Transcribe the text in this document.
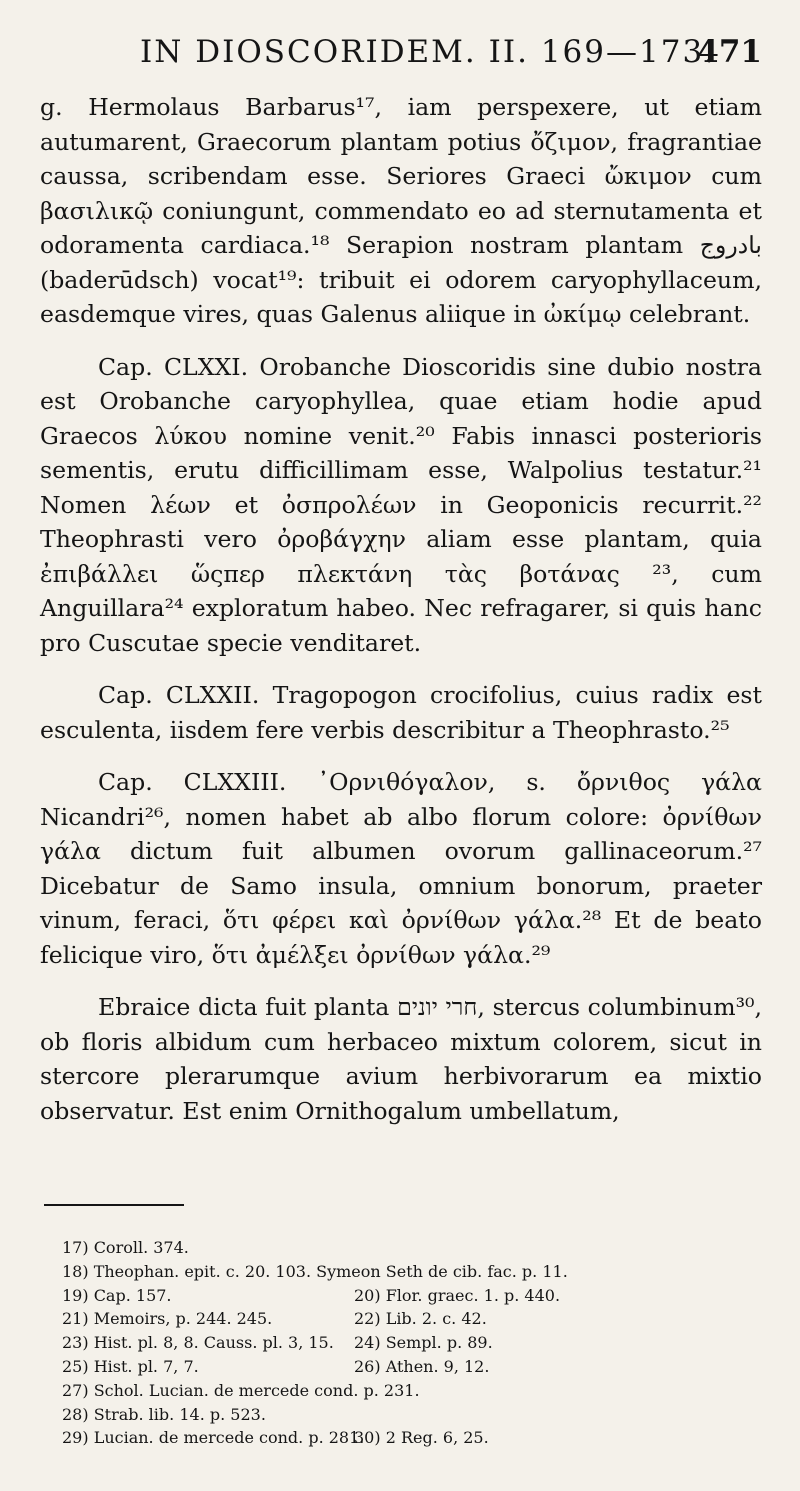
IN DIOSCORIDEM. II. 169—173.
471

g. Hermolaus Barbarus¹⁷, iam perspexere, ut etiam autumarent, Graecorum plantam potius ὄζιμον, fragrantiae caussa, scribendam esse. Seriores Graeci ὤκιμον cum βασιλικῷ coniungunt, commendato eo ad sternutamenta et odoramenta cardiaca.¹⁸ Serapion nostram plantam بادروج (baderūdsch) vocat¹⁹: tribuit ei odorem caryophyllaceum, easdemque vires, quas Galenus aliique in ὠκίμῳ celebrant.

Cap. CLXXI. Orobanche Dioscoridis sine dubio nostra est Orobanche caryophyllea, quae etiam hodie apud Graecos λύκου nomine venit.²⁰ Fabis innasci posterioris sementis, erutu difficillimam esse, Walpolius testatur.²¹ Nomen λέων et ὀσπρολέων in Geoponicis recurrit.²² Theophrasti vero ὀροβάγχην aliam esse plantam, quia ἐπιβάλλει ὥςπερ πλεκτάνη τὰς βοτάνας ²³, cum Anguillara²⁴ exploratum habeo. Nec refragarer, si quis hanc pro Cuscutae specie venditaret.

Cap. CLXXII. Tragopogon crocifolius, cuius radix est esculenta, iisdem fere verbis describitur a Theophrasto.²⁵

Cap. CLXXIII. ᾿Ορνιθόγαλον, s. ὄρνιθος γάλα Nicandri²⁶, nomen habet ab albo florum colore: ὀρνίθων γάλα dictum fuit albumen ovorum gallinaceorum.²⁷ Dicebatur de Samo insula, omnium bonorum, praeter vinum, feraci, ὅτι φέρει καὶ ὀρνίθων γάλα.²⁸ Et de beato felicique viro, ὅτι ἀμέλξει ὀρνίθων γάλα.²⁹

Ebraice dicta fuit planta חרי יונים, stercus columbinum³⁰, ob floris albidum cum herbaceo mixtum colorem, sicut in stercore plerarumque avium herbivorarum ea mixtio observatur. Est enim Ornithogalum umbellatum,

17) Coroll. 374.
18) Theophan. epit. c. 20. 103. Symeon Seth de cib. fac. p. 11.
19) Cap. 157.	20) Flor. graec. 1. p. 440.
21) Memoirs, p. 244. 245.	22) Lib. 2. c. 42.
23) Hist. pl. 8, 8. Causs. pl. 3, 15. 24) Sempl. p. 89.
25) Hist. pl. 7, 7.	26) Athen. 9, 12.
27) Schol. Lucian. de mercede cond. p. 231.
28) Strab. lib. 14. p. 523.
29) Lucian. de mercede cond. p. 281.
30) 2 Reg. 6, 25.
